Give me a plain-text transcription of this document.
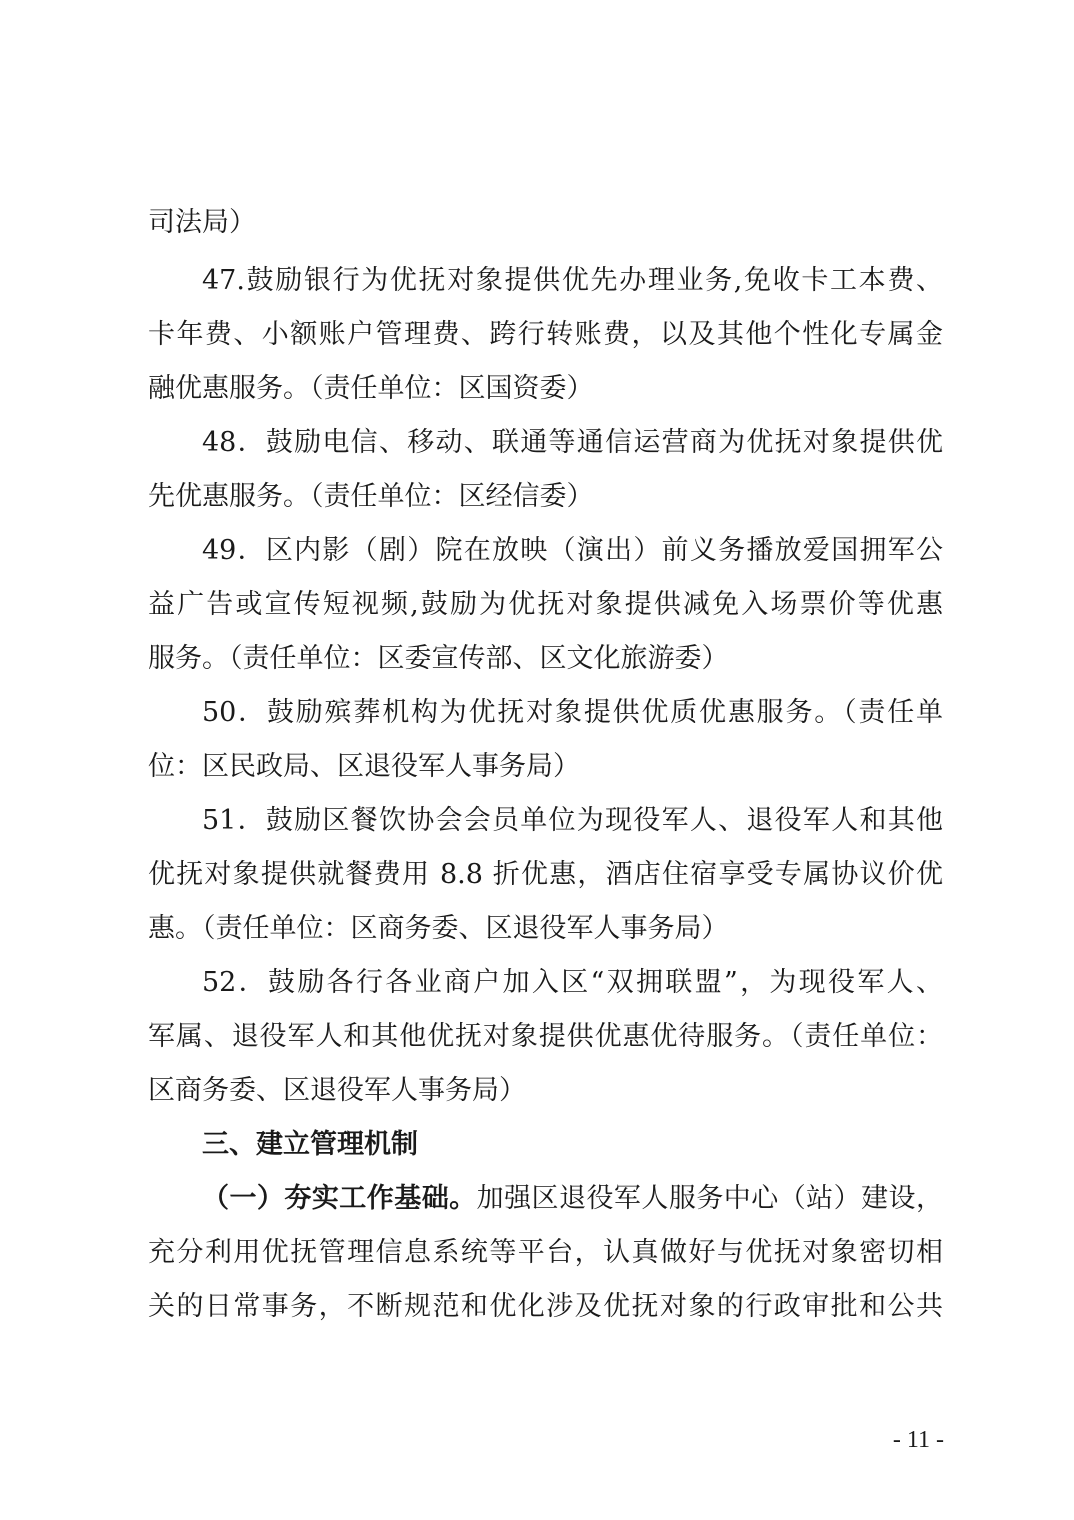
司法局）
47.鼓励银行为优抚对象提供优先办理业务,免收卡工本费、
卡年费、小额账户管理费、跨行转账费，以及其他个性化专属金
融优惠服务。（责任单位：区国资委）
48．鼓励电信、移动、联通等通信运营商为优抚对象提供优
先优惠服务。（责任单位：区经信委）
49．区内影（剧）院在放映（演出）前义务播放爱国拥军公
益广告或宣传短视频,鼓励为优抚对象提供减免入场票价等优惠
服务。（责任单位：区委宣传部、区文化旅游委）
50．鼓励殡葬机构为优抚对象提供优质优惠服务。（责任单
位：区民政局、区退役军人事务局）
51．鼓励区餐饮协会会员单位为现役军人、退役军人和其他
优抚对象提供就餐费用 8.8 折优惠，酒店住宿享受专属协议价优
惠。（责任单位：区商务委、区退役军人事务局）
52．鼓励各行各业商户加入区“双拥联盟”，为现役军人、
军属、退役军人和其他优抚对象提供优惠优待服务。（责任单位：
区商务委、区退役军人事务局）
三、建立管理机制
（一）夯实工作基础。加强区退役军人服务中心（站）建设，
充分利用优抚管理信息系统等平台，认真做好与优抚对象密切相
关的日常事务，不断规范和优化涉及优抚对象的行政审批和公共
- 11 -
